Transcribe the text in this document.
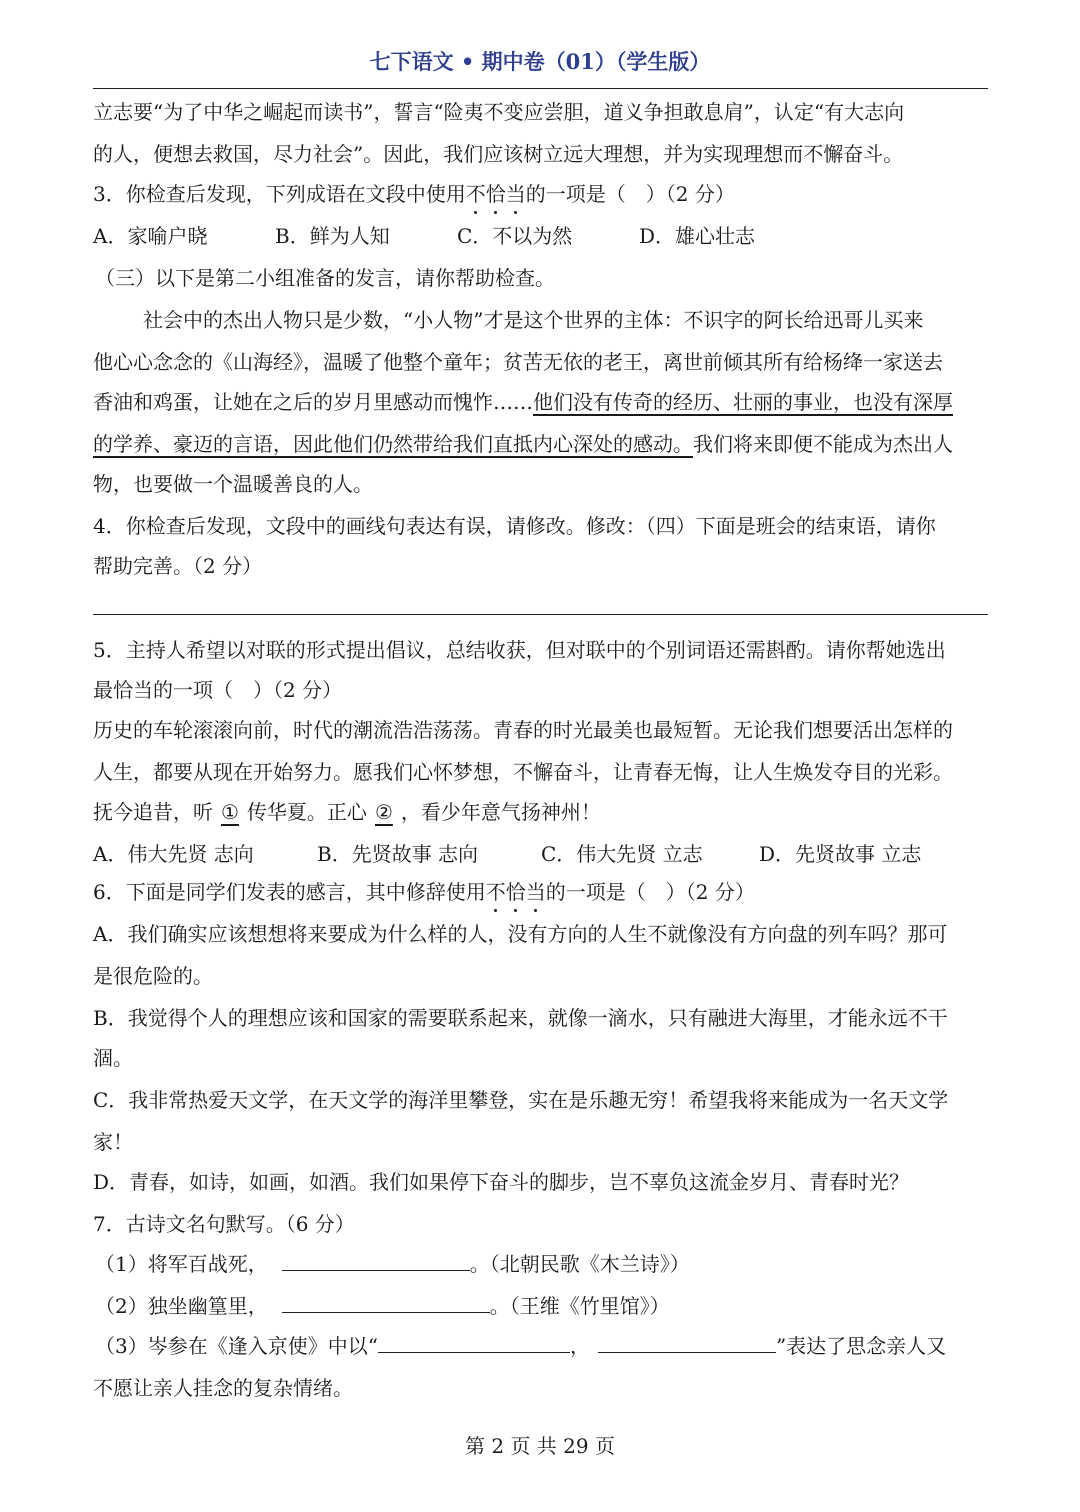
七下语文 • 期中卷（01）（学生版）
立志要“为了中华之崛起而读书”，誓言“险夷不变应尝胆，道义争担敢息肩”，认定“有大志向
的人，便想去救国，尽力社会”。因此，我们应该树立远大理想，并为实现理想而不懈奋斗。
3．你检查后发现，下列成语在文段中使用不恰当的一项是（　）（2 分）
A．家喻户晓	B．鲜为人知	C．不以为然	D．雄心壮志
（三）以下是第二小组准备的发言，请你帮助检查。
社会中的杰出人物只是少数，“小人物”才是这个世界的主体：不识字的阿长给迅哥儿买来
他心心念念的《山海经》，温暖了他整个童年；贫苦无依的老王，离世前倾其所有给杨绛一家送去
香油和鸡蛋，让她在之后的岁月里感动而愧怍……他们没有传奇的经历、壮丽的事业，也没有深厚
的学养、豪迈的言语，因此他们仍然带给我们直抵内心深处的感动。我们将来即便不能成为杰出人
物，也要做一个温暖善良的人。
4．你检查后发现，文段中的画线句表达有误，请修改。修改：（四）下面是班会的结束语，请你
帮助完善。（2 分）
5．主持人希望以对联的形式提出倡议，总结收获，但对联中的个别词语还需斟酌。请你帮她选出
最恰当的一项（　）（2 分）
历史的车轮滚滚向前，时代的潮流浩浩荡荡。青春的时光最美也最短暂。无论我们想要活出怎样的
人生，都要从现在开始努力。愿我们心怀梦想，不懈奋斗，让青春无悔，让人生焕发夺目的光彩。
抚今追昔，听 ① 传华夏。正心 ② ，看少年意气扬神州！
A．伟大先贤 志向	B．先贤故事 志向	C．伟大先贤 立志	D．先贤故事 立志
6．下面是同学们发表的感言，其中修辞使用不恰当的一项是（　）（2 分）
A．我们确实应该想想将来要成为什么样的人，没有方向的人生不就像没有方向盘的列车吗？那可
是很危险的。
B．我觉得个人的理想应该和国家的需要联系起来，就像一滴水，只有融进大海里，才能永远不干
涸。
C．我非常热爱天文学，在天文学的海洋里攀登，实在是乐趣无穷！希望我将来能成为一名天文学
家！
D．青春，如诗，如画，如酒。我们如果停下奋斗的脚步，岂不辜负这流金岁月、青春时光？
7．古诗文名句默写。（6 分）
（1）将军百战死，	。（北朝民歌《木兰诗》）
（2）独坐幽篁里，	。（王维《竹里馆》）
（3）岑参在《逢入京使》中以“	，	”表达了思念亲人又
不愿让亲人挂念的复杂情绪。
第 2 页 共 29 页
